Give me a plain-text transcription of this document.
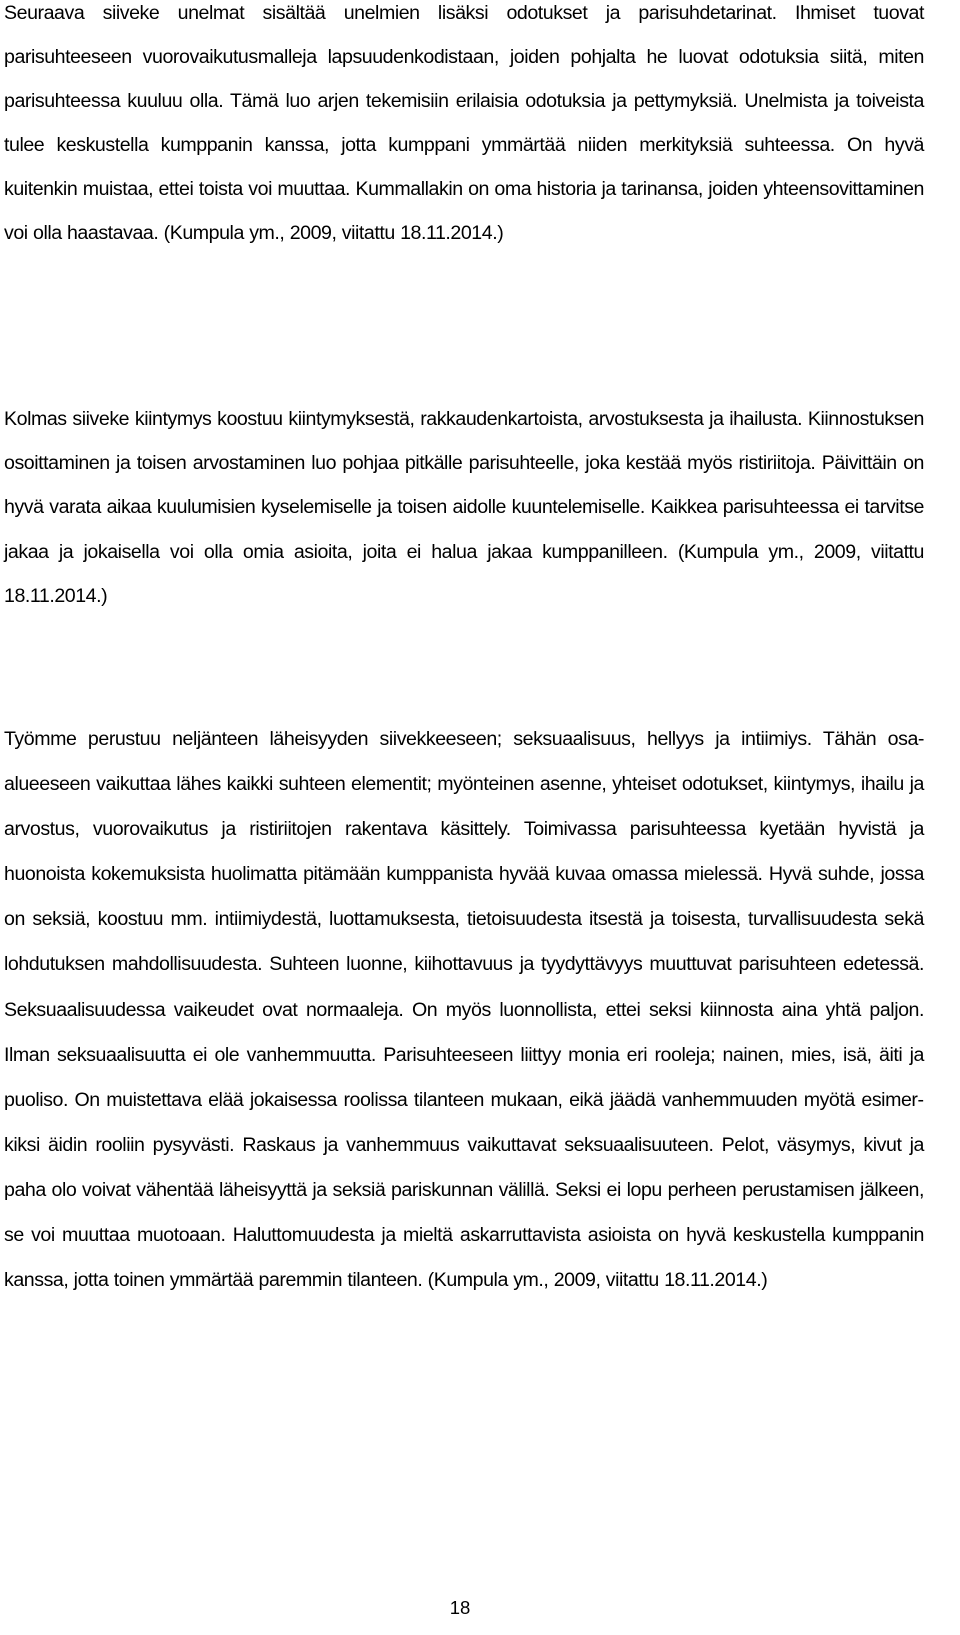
Seuraava siiveke unelmat sisältää unelmien lisäksi odotukset ja parisuhdetarinat. Ihmiset tuovat parisuhteeseen vuorovaikutusmalleja lapsuudenkodistaan, joiden pohjalta he luovat odotuksia siitä, miten parisuhteessa kuuluu olla. Tämä luo arjen tekemisiin erilaisia odotuksia ja pettymyksiä. Unelmista ja toiveista tulee keskustella kumppanin kanssa, jotta kumppani ymmärtää niiden merkityksiä suhteessa. On hyvä kuitenkin muistaa, ettei toista voi muuttaa. Kummallakin on oma historia ja tarinansa, joiden yhteensovittaminen voi olla haastavaa. (Kumpula ym., 2009, viitattu 18.11.2014.)

Kolmas siiveke kiintymys koostuu kiintymyksestä, rakkaudenkartoista, arvostuksesta ja ihailusta. Kiinnostuksen osoittaminen ja toisen arvostaminen luo pohjaa pitkälle parisuhteelle, joka kestää myös ristiriitoja. Päivittäin on hyvä varata aikaa kuulumisien kyselemiselle ja toisen aidolle kuuntelemiselle. Kaikkea parisuhteessa ei tarvitse jakaa ja jokaisella voi olla omia asioita, joita ei halua jakaa kumppanilleen. (Kumpula ym., 2009, viitattu 18.11.2014.)

Työmme perustuu neljänteen läheisyyden siivekkeeseen; seksuaalisuus, hellyys ja intiimiys. Tähän osa-alueeseen vaikuttaa lähes kaikki suhteen elementit; myönteinen asenne, yhteiset odotukset, kiintymys, ihailu ja arvostus, vuorovaikutus ja ristiriitojen rakentava käsittely. Toimivassa parisuhteessa kyetään hyvistä ja huonoista kokemuksista huolimatta pitämään kumppanista hyvää kuvaa omassa mielessä. Hyvä suhde, jossa on seksiä, koostuu mm. intiimiydestä, luottamuksesta, tietoisuudesta itsestä ja toisesta, turvallisuudesta sekä lohdutuksen mahdollisuudesta. Suhteen luonne, kiihottavuus ja tyydyttävyys muuttuvat parisuhteen edetessä. Seksuaalisuudessa vaikeudet ovat normaaleja. On myös luonnollista, ettei seksi kiinnosta aina yhtä paljon. Ilman seksuaalisuutta ei ole vanhemmuutta. Parisuhteeseen liittyy monia eri rooleja; nainen, mies, isä, äiti ja puoliso. On muistettava elää jokaisessa roolissa tilanteen mukaan, eikä jäädä vanhemmuuden myötä esimerkiksi äidin rooliin pysyvästi. Raskaus ja vanhemmuus vaikuttavat seksuaalisuuteen. Pelot, väsymys, kivut ja paha olo voivat vähentää läheisyyttä ja seksiä pariskunnan välillä. Seksi ei lopu perheen perustamisen jälkeen, se voi muuttaa muotoaan. Haluttomuudesta ja mieltä askarruttavista asioista on hyvä keskustella kumppanin kanssa, jotta toinen ymmärtää paremmin tilanteen. (Kumpula ym., 2009, viitattu 18.11.2014.)

18
